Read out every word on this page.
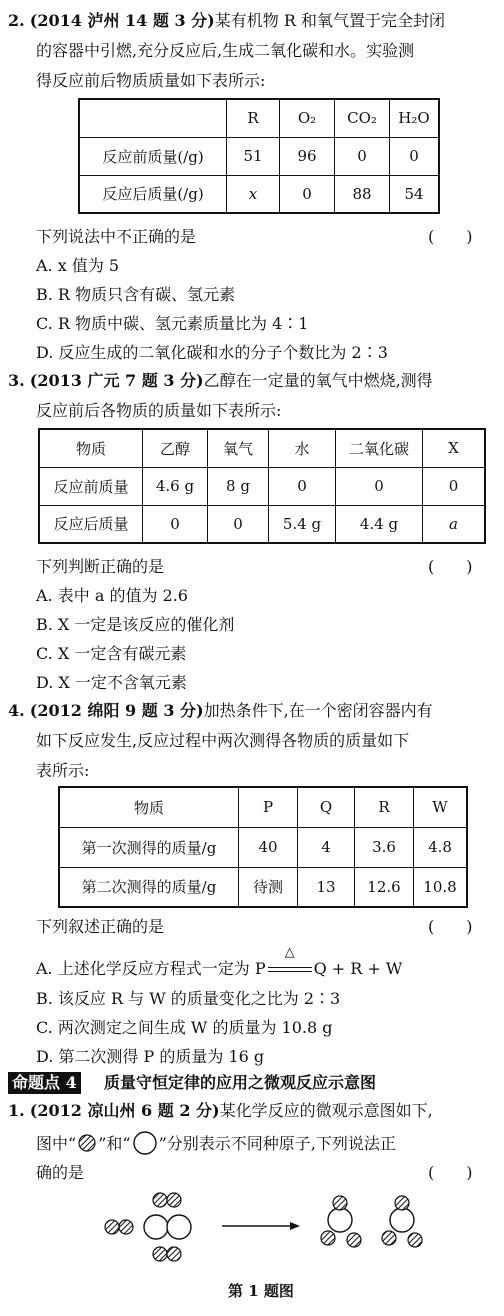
2. (2014 泸州 14 题 3 分)某有机物 R 和氧气置于完全封闭
的容器中引燃,充分反应后,生成二氧化碳和水。实验测
得反应前后物质质量如下表所示:
	R	O₂	CO₂	H₂O
反应前质量(/g)	51	96	0	0
反应后质量(/g)	x	0	88	54
下列说法中不正确的是	(　　)
A. x 值为 5
B. R 物质只含有碳、氢元素
C. R 物质中碳、氢元素质量比为 4∶1
D. 反应生成的二氧化碳和水的分子个数比为 2∶3
3. (2013 广元 7 题 3 分)乙醇在一定量的氧气中燃烧,测得
反应前后各物质的质量如下表所示:
物质	乙醇	氧气	水	二氧化碳	X
反应前质量	4.6 g	8 g	0	0	0
反应后质量	0	0	5.4 g	4.4 g	a
下列判断正确的是	(　　)
A. 表中 a 的值为 2.6
B. X 一定是该反应的催化剂
C. X 一定含有碳元素
D. X 一定不含氧元素
4. (2012 绵阳 9 题 3 分)加热条件下,在一个密闭容器内有
如下反应发生,反应过程中两次测得各物质的质量如下
表所示:
物质	P	Q	R	W
第一次测得的质量/g	40	4	3.6	4.8
第二次测得的质量/g	待测	13	12.6	10.8
下列叙述正确的是	(　　)
A. 上述化学反应方程式一定为 P
△
Q + R + W
B. 该反应 R 与 W 的质量变化之比为 2∶3
C. 两次测定之间生成 W 的质量为 10.8 g
D. 第二次测得 P 的质量为 16 g
命题点 4 质量守恒定律的应用之微观反应示意图
1. (2012 凉山州 6 题 2 分)某化学反应的微观示意图如下,
图中“ ”和“ ”分别表示不同种原子,下列说法正
确的是	(　　)
第 1 题图
